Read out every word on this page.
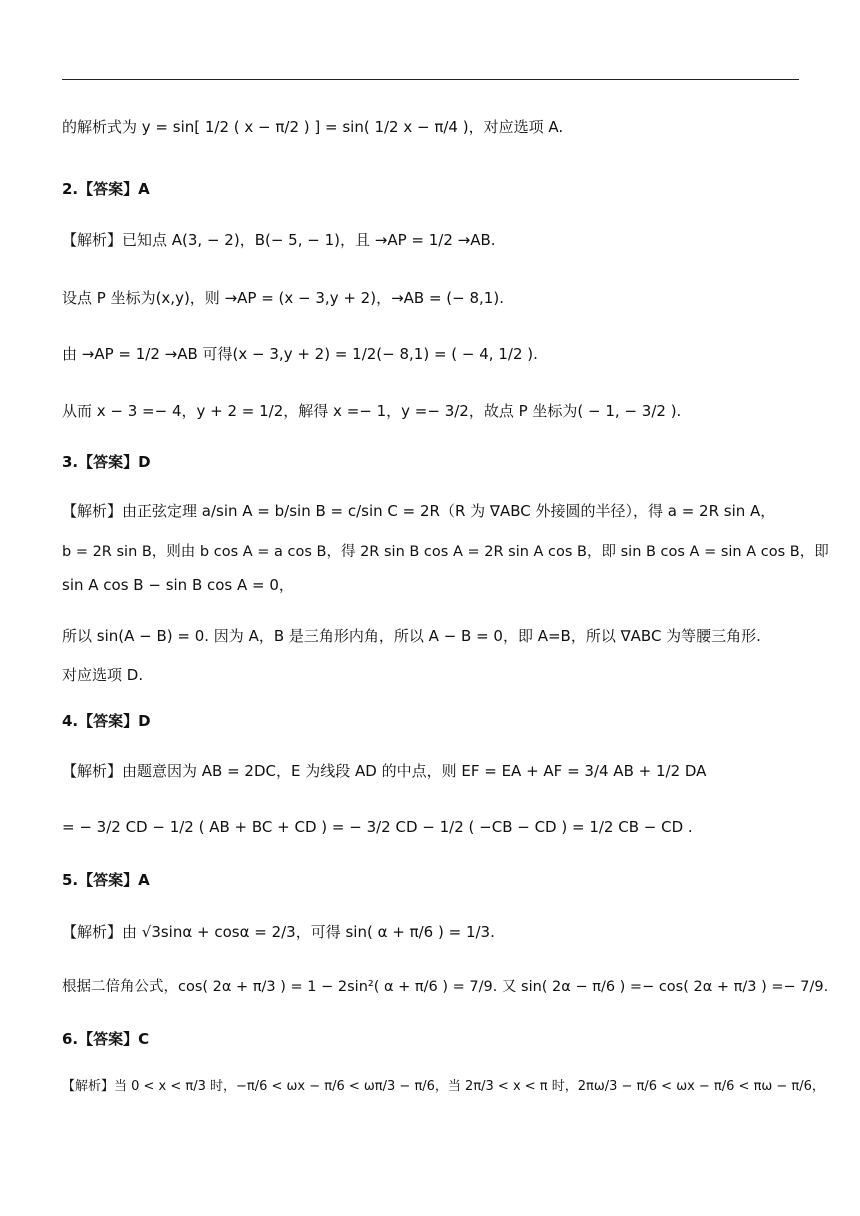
的解析式为 y = sin[ 1/2 ( x − π/2 ) ] = sin( 1/2 x − π/4 )，对应选项 A.
2.【答案】A
【解析】已知点 A(3, − 2)，B(− 5, − 1)，且 →AP = 1/2 →AB.
设点 P 坐标为(x,y)，则 →AP = (x − 3,y + 2)，→AB = (− 8,1).
由 →AP = 1/2 →AB 可得(x − 3,y + 2) = 1/2(− 8,1) = ( − 4, 1/2 ).
从而 x − 3 =− 4，y + 2 = 1/2，解得 x =− 1，y =− 3/2，故点 P 坐标为( − 1, − 3/2 ).
3.【答案】D
【解析】由正弦定理 a/sin A = b/sin B = c/sin C = 2R（R 为 ∇ABC 外接圆的半径），得 a = 2R sin A，
b = 2R sin B，则由 b cos A = a cos B，得 2R sin B cos A = 2R sin A cos B，即 sin B cos A = sin A cos B，即
sin A cos B − sin B cos A = 0，
所以 sin(A − B) = 0. 因为 A，B 是三角形内角，所以 A − B = 0，即 A=B，所以 ∇ABC 为等腰三角形.
对应选项 D.
4.【答案】D
【解析】由题意因为 AB = 2DC，E 为线段 AD 的中点，则 EF = EA + AF = 3/4 AB + 1/2 DA
= − 3/2 CD − 1/2 ( AB + BC + CD ) = − 3/2 CD − 1/2 ( −CB − CD ) = 1/2 CB − CD .
5.【答案】A
【解析】由 √3sinα + cosα = 2/3，可得 sin( α + π/6 ) = 1/3.
根据二倍角公式，cos( 2α + π/3 ) = 1 − 2sin²( α + π/6 ) = 7/9. 又 sin( 2α − π/6 ) =− cos( 2α + π/3 ) =− 7/9.
6.【答案】C
【解析】当 0 < x < π/3 时，−π/6 < ωx − π/6 < ωπ/3 − π/6，当 2π/3 < x < π 时，2πω/3 − π/6 < ωx − π/6 < πω − π/6，
